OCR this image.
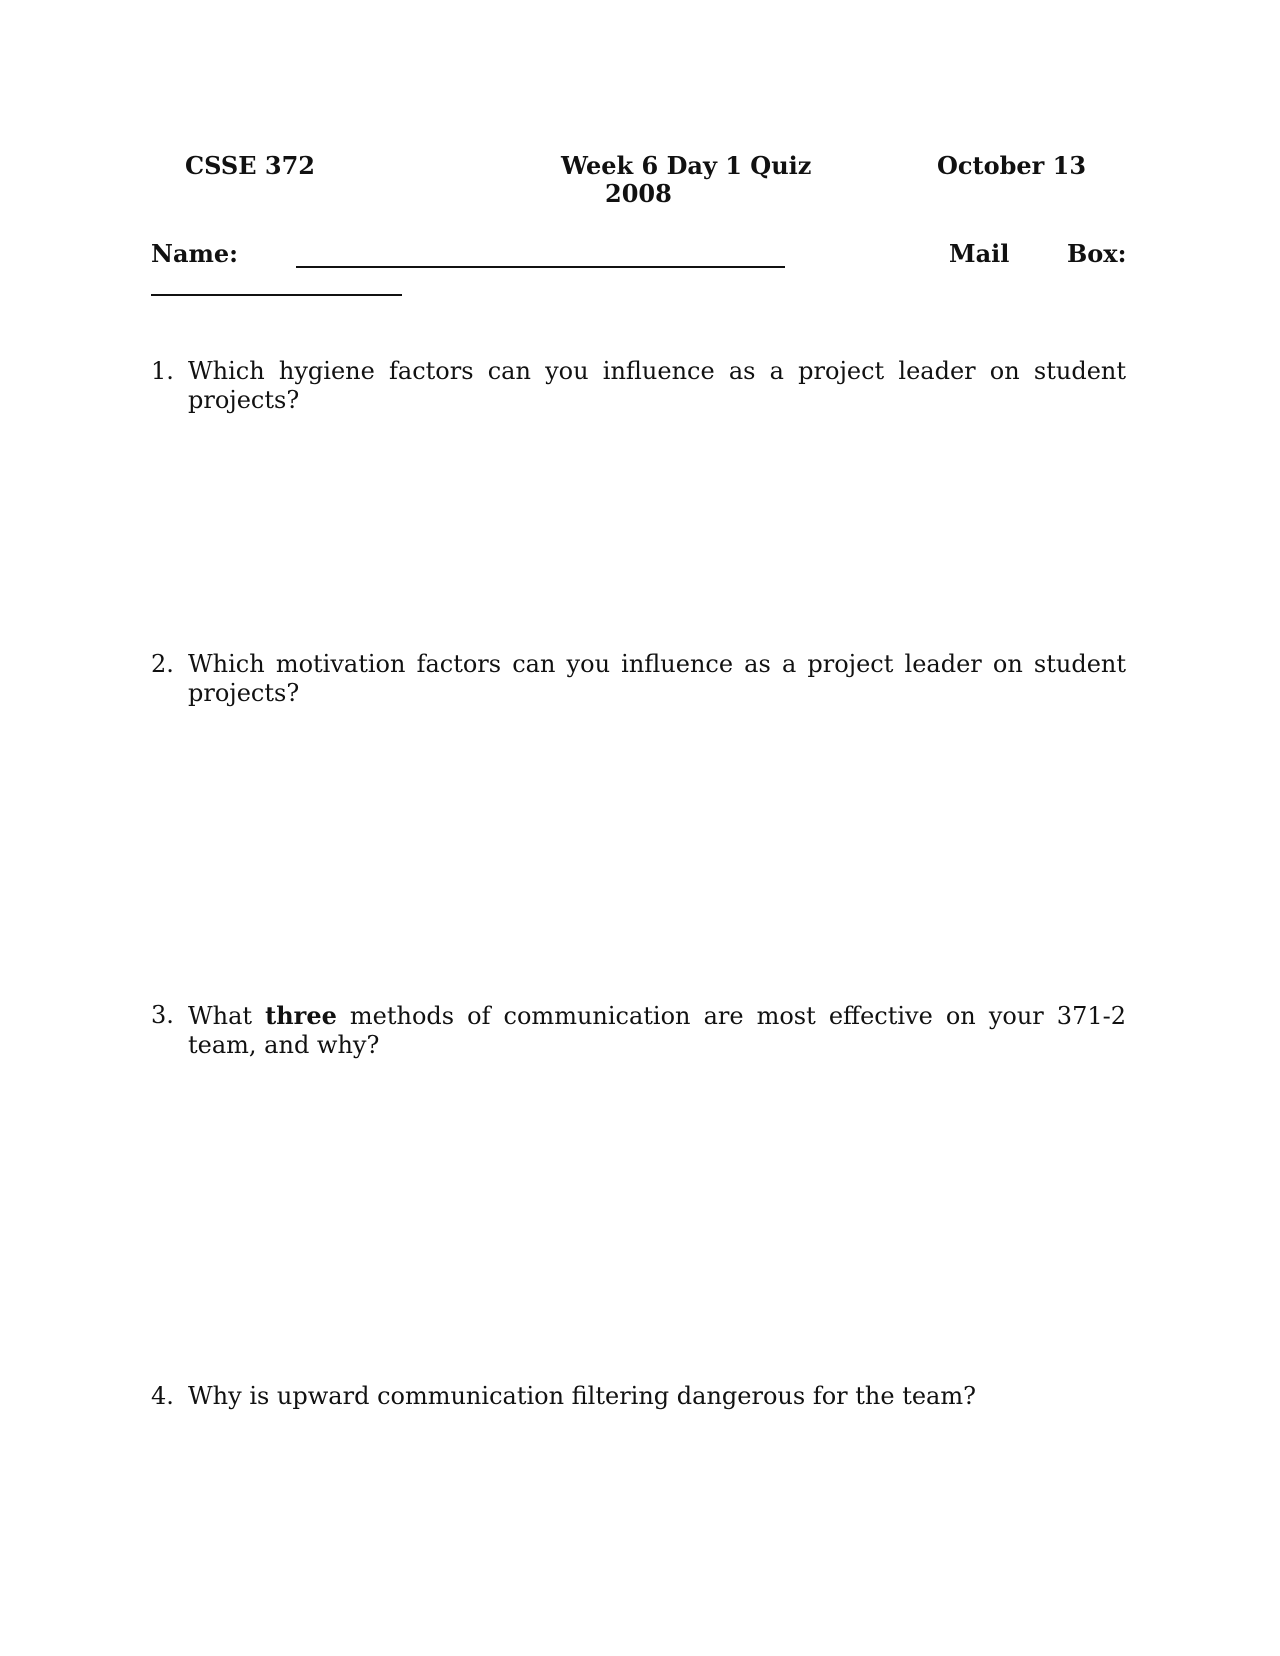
CSSE 372	Week 6 Day 1 Quiz	October 13
2008
Name:	Mail Box:
1. Which hygiene factors can you influence as a project leader on student projects?
2. Which motivation factors can you influence as a project leader on student projects?
3. What three methods of communication are most effective on your 371-2 team, and why?
4. Why is upward communication filtering dangerous for the team?
